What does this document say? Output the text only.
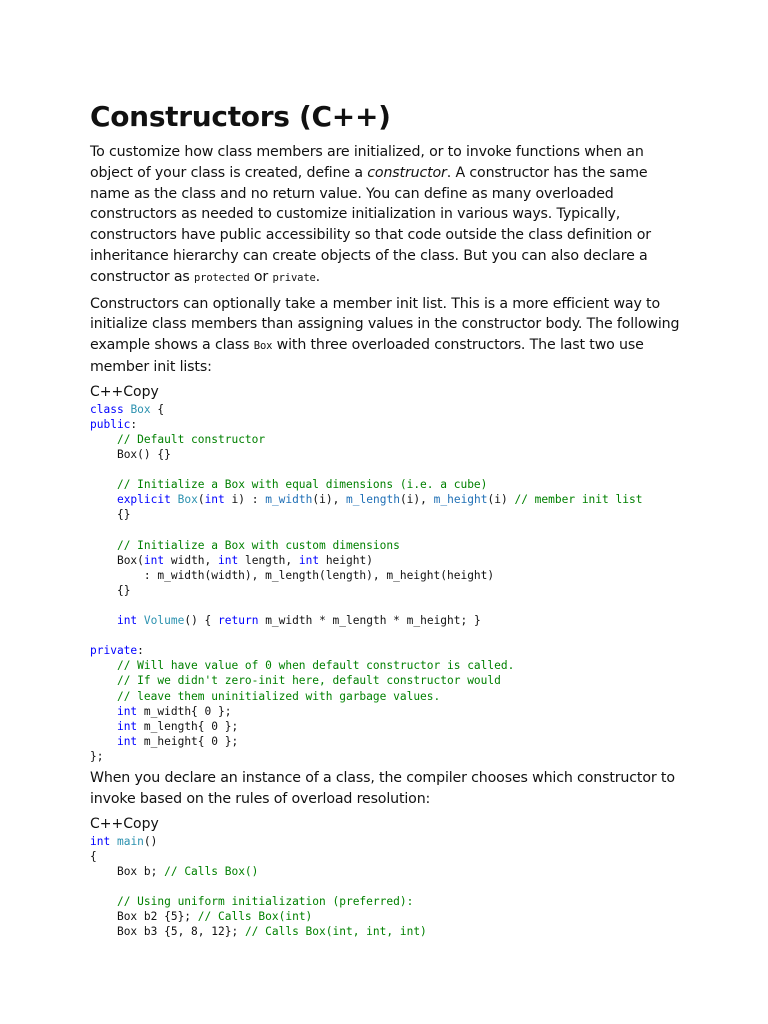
Constructors (C++)

To customize how class members are initialized, or to invoke functions when an object of your class is created, define a constructor. A constructor has the same name as the class and no return value. You can define as many overloaded constructors as needed to customize initialization in various ways. Typically, constructors have public accessibility so that code outside the class definition or inheritance hierarchy can create objects of the class. But you can also declare a constructor as protected or private.

Constructors can optionally take a member init list. This is a more efficient way to initialize class members than assigning values in the constructor body. The following example shows a class Box with three overloaded constructors. The last two use member init lists:

C++Copy
class Box {
public:
// Default constructor
Box() {}

// Initialize a Box with equal dimensions (i.e. a cube)
explicit Box(int i) : m_width(i), m_length(i), m_height(i) // member init list
{}

// Initialize a Box with custom dimensions
Box(int width, int length, int height)
: m_width(width), m_length(length), m_height(height)
{}

int Volume() { return m_width * m_length * m_height; }

private:
// Will have value of 0 when default constructor is called.
// If we didn't zero-init here, default constructor would
// leave them uninitialized with garbage values.
int m_width{ 0 };
int m_length{ 0 };
int m_height{ 0 };
};

When you declare an instance of a class, the compiler chooses which constructor to invoke based on the rules of overload resolution:

C++Copy
int main()
{
Box b; // Calls Box()

// Using uniform initialization (preferred):
Box b2 {5}; // Calls Box(int)
Box b3 {5, 8, 12}; // Calls Box(int, int, int)
